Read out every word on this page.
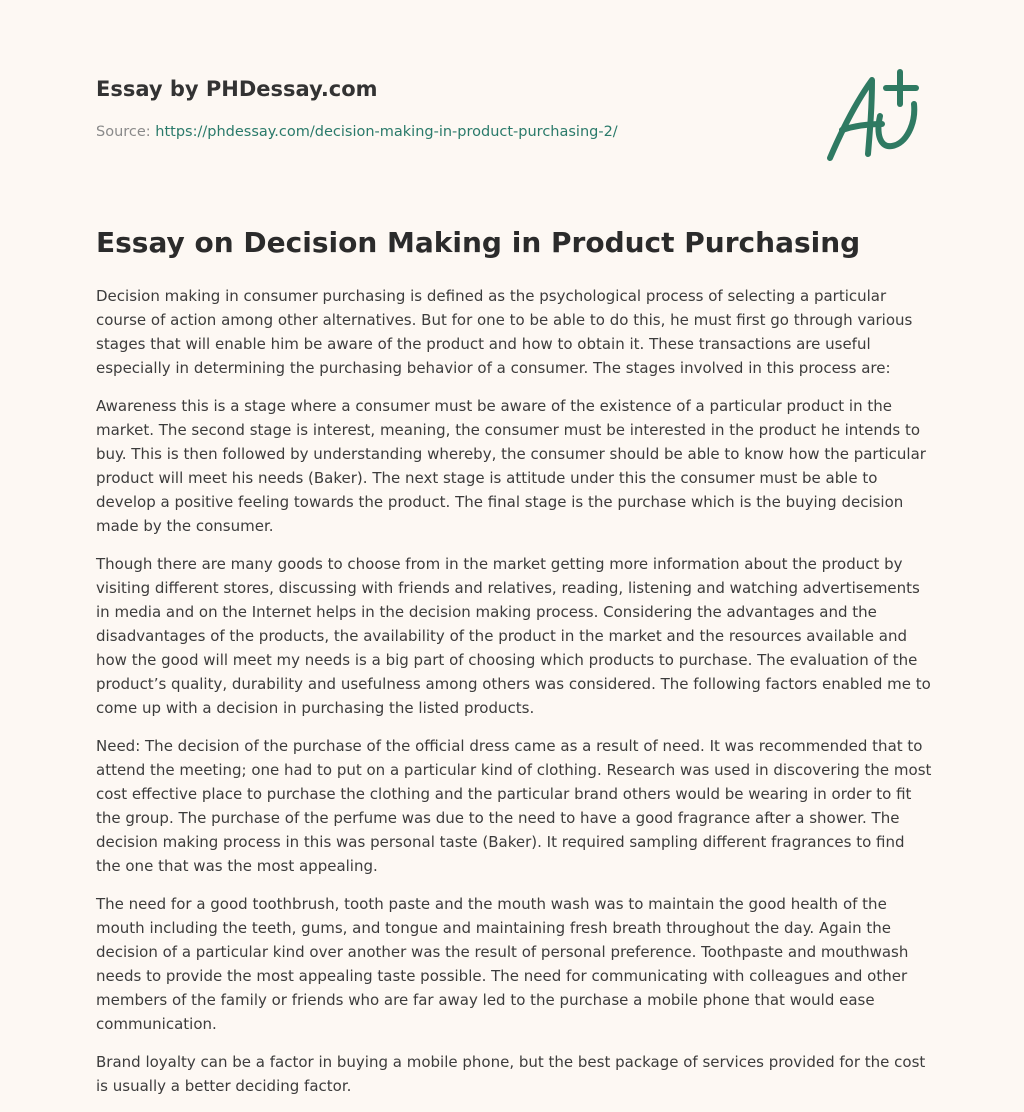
Essay by PHDessay.com
Source: https://phdessay.com/decision-making-in-product-purchasing-2/
Essay on Decision Making in Product Purchasing

Decision making in consumer purchasing is defined as the psychological process of selecting a particular course of action among other alternatives. But for one to be able to do this, he must first go through various stages that will enable him be aware of the product and how to obtain it. These transactions are useful especially in determining the purchasing behavior of a consumer. The stages involved in this process are:

Awareness this is a stage where a consumer must be aware of the existence of a particular product in the market. The second stage is interest, meaning, the consumer must be interested in the product he intends to buy. This is then followed by understanding whereby, the consumer should be able to know how the particular product will meet his needs (Baker). The next stage is attitude under this the consumer must be able to develop a positive feeling towards the product. The final stage is the purchase which is the buying decision made by the consumer.

Though there are many goods to choose from in the market getting more information about the product by visiting different stores, discussing with friends and relatives, reading, listening and watching advertisements in media and on the Internet helps in the decision making process. Considering the advantages and the disadvantages of the products, the availability of the product in the market and the resources available and how the good will meet my needs is a big part of choosing which products to purchase. The evaluation of the product’s quality, durability and usefulness among others was considered. The following factors enabled me to come up with a decision in purchasing the listed products.

Need: The decision of the purchase of the official dress came as a result of need. It was recommended that to attend the meeting; one had to put on a particular kind of clothing. Research was used in discovering the most cost effective place to purchase the clothing and the particular brand others would be wearing in order to fit the group. The purchase of the perfume was due to the need to have a good fragrance after a shower. The decision making process in this was personal taste (Baker). It required sampling different fragrances to find the one that was the most appealing.

The need for a good toothbrush, tooth paste and the mouth wash was to maintain the good health of the mouth including the teeth, gums, and tongue and maintaining fresh breath throughout the day. Again the decision of a particular kind over another was the result of personal preference. Toothpaste and mouthwash needs to provide the most appealing taste possible. The need for communicating with colleagues and other members of the family or friends who are far away led to the purchase a mobile phone that would ease communication.

Brand loyalty can be a factor in buying a mobile phone, but the best package of services provided for the cost is usually a better deciding factor.
